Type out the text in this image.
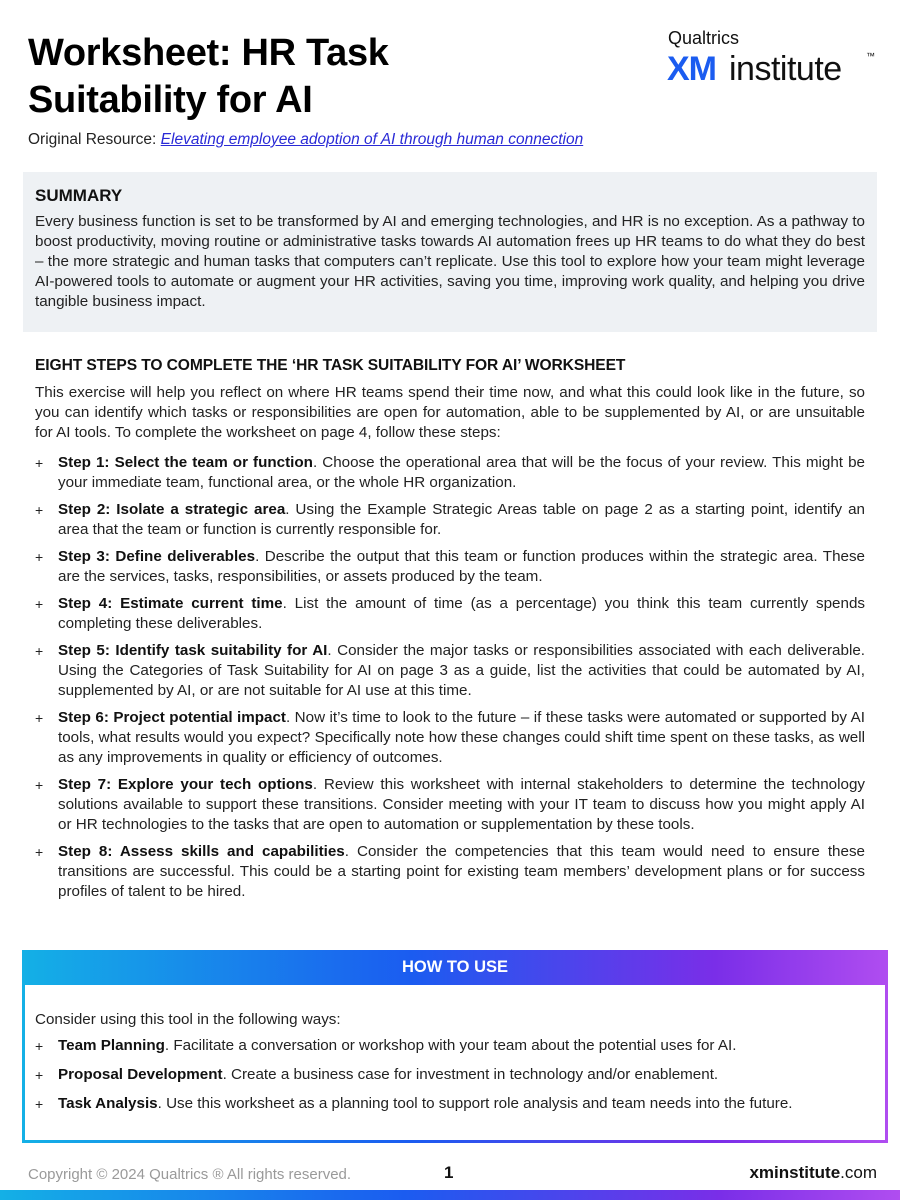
Worksheet: HR Task
Suitability for AI
Original Resource: Elevating employee adoption of AI through human connection
Qualtrics
XM institute	™

SUMMARY

Every business function is set to be transformed by AI and emerging technologies, and HR is no exception. As a pathway to boost productivity, moving routine or administrative tasks towards AI automation frees up HR teams to do what they do best – the more strategic and human tasks that computers can’t replicate. Use this tool to explore how your team might leverage AI-powered tools to automate or augment your HR activities, saving you time, improving work quality, and helping you drive tangible business impact.

EIGHT STEPS TO COMPLETE THE ‘HR TASK SUITABILITY FOR AI’ WORKSHEET

This exercise will help you reflect on where HR teams spend their time now, and what this could look like in the future, so you can identify which tasks or responsibilities are open for automation, able to be supplemented by AI, or are unsuitable for AI tools. To complete the worksheet on page 4, follow these steps:

+ Step 1: Select the team or function. Choose the operational area that will be the focus of your review. This might be your immediate team, functional area, or the whole HR organization.
+ Step 2: Isolate a strategic area. Using the Example Strategic Areas table on page 2 as a starting point, identify an area that the team or function is currently responsible for.
+ Step 3: Define deliverables. Describe the output that this team or function produces within the strategic area. These are the services, tasks, responsibilities, or assets produced by the team.
+ Step 4: Estimate current time. List the amount of time (as a percentage) you think this team currently spends completing these deliverables.
+ Step 5: Identify task suitability for AI. Consider the major tasks or responsibilities associated with each deliverable. Using the Categories of Task Suitability for AI on page 3 as a guide, list the activities that could be automated by AI, supplemented by AI, or are not suitable for AI use at this time.
+ Step 6: Project potential impact. Now it’s time to look to the future – if these tasks were automated or supported by AI tools, what results would you expect? Specifically note how these changes could shift time spent on these tasks, as well as any improvements in quality or efficiency of outcomes.
+ Step 7: Explore your tech options. Review this worksheet with internal stakeholders to determine the technology solutions available to support these transitions. Consider meeting with your IT team to discuss how you might apply AI or HR technologies to the tasks that are open to automation or supplementation by these tools.
+ Step 8: Assess skills and capabilities. Consider the competencies that this team would need to ensure these transitions are successful. This could be a starting point for existing team members’ development plans or for success profiles of talent to be hired.
HOW TO USE

Consider using this tool in the following ways:

+ Team Planning. Facilitate a conversation or workshop with your team about the potential uses for AI.
+ Proposal Development. Create a business case for investment in technology and/or enablement.
+ Task Analysis. Use this worksheet as a planning tool to support role analysis and team needs into the future.
Copyright © 2024 Qualtrics ® All rights reserved.	1	xminstitute.com
